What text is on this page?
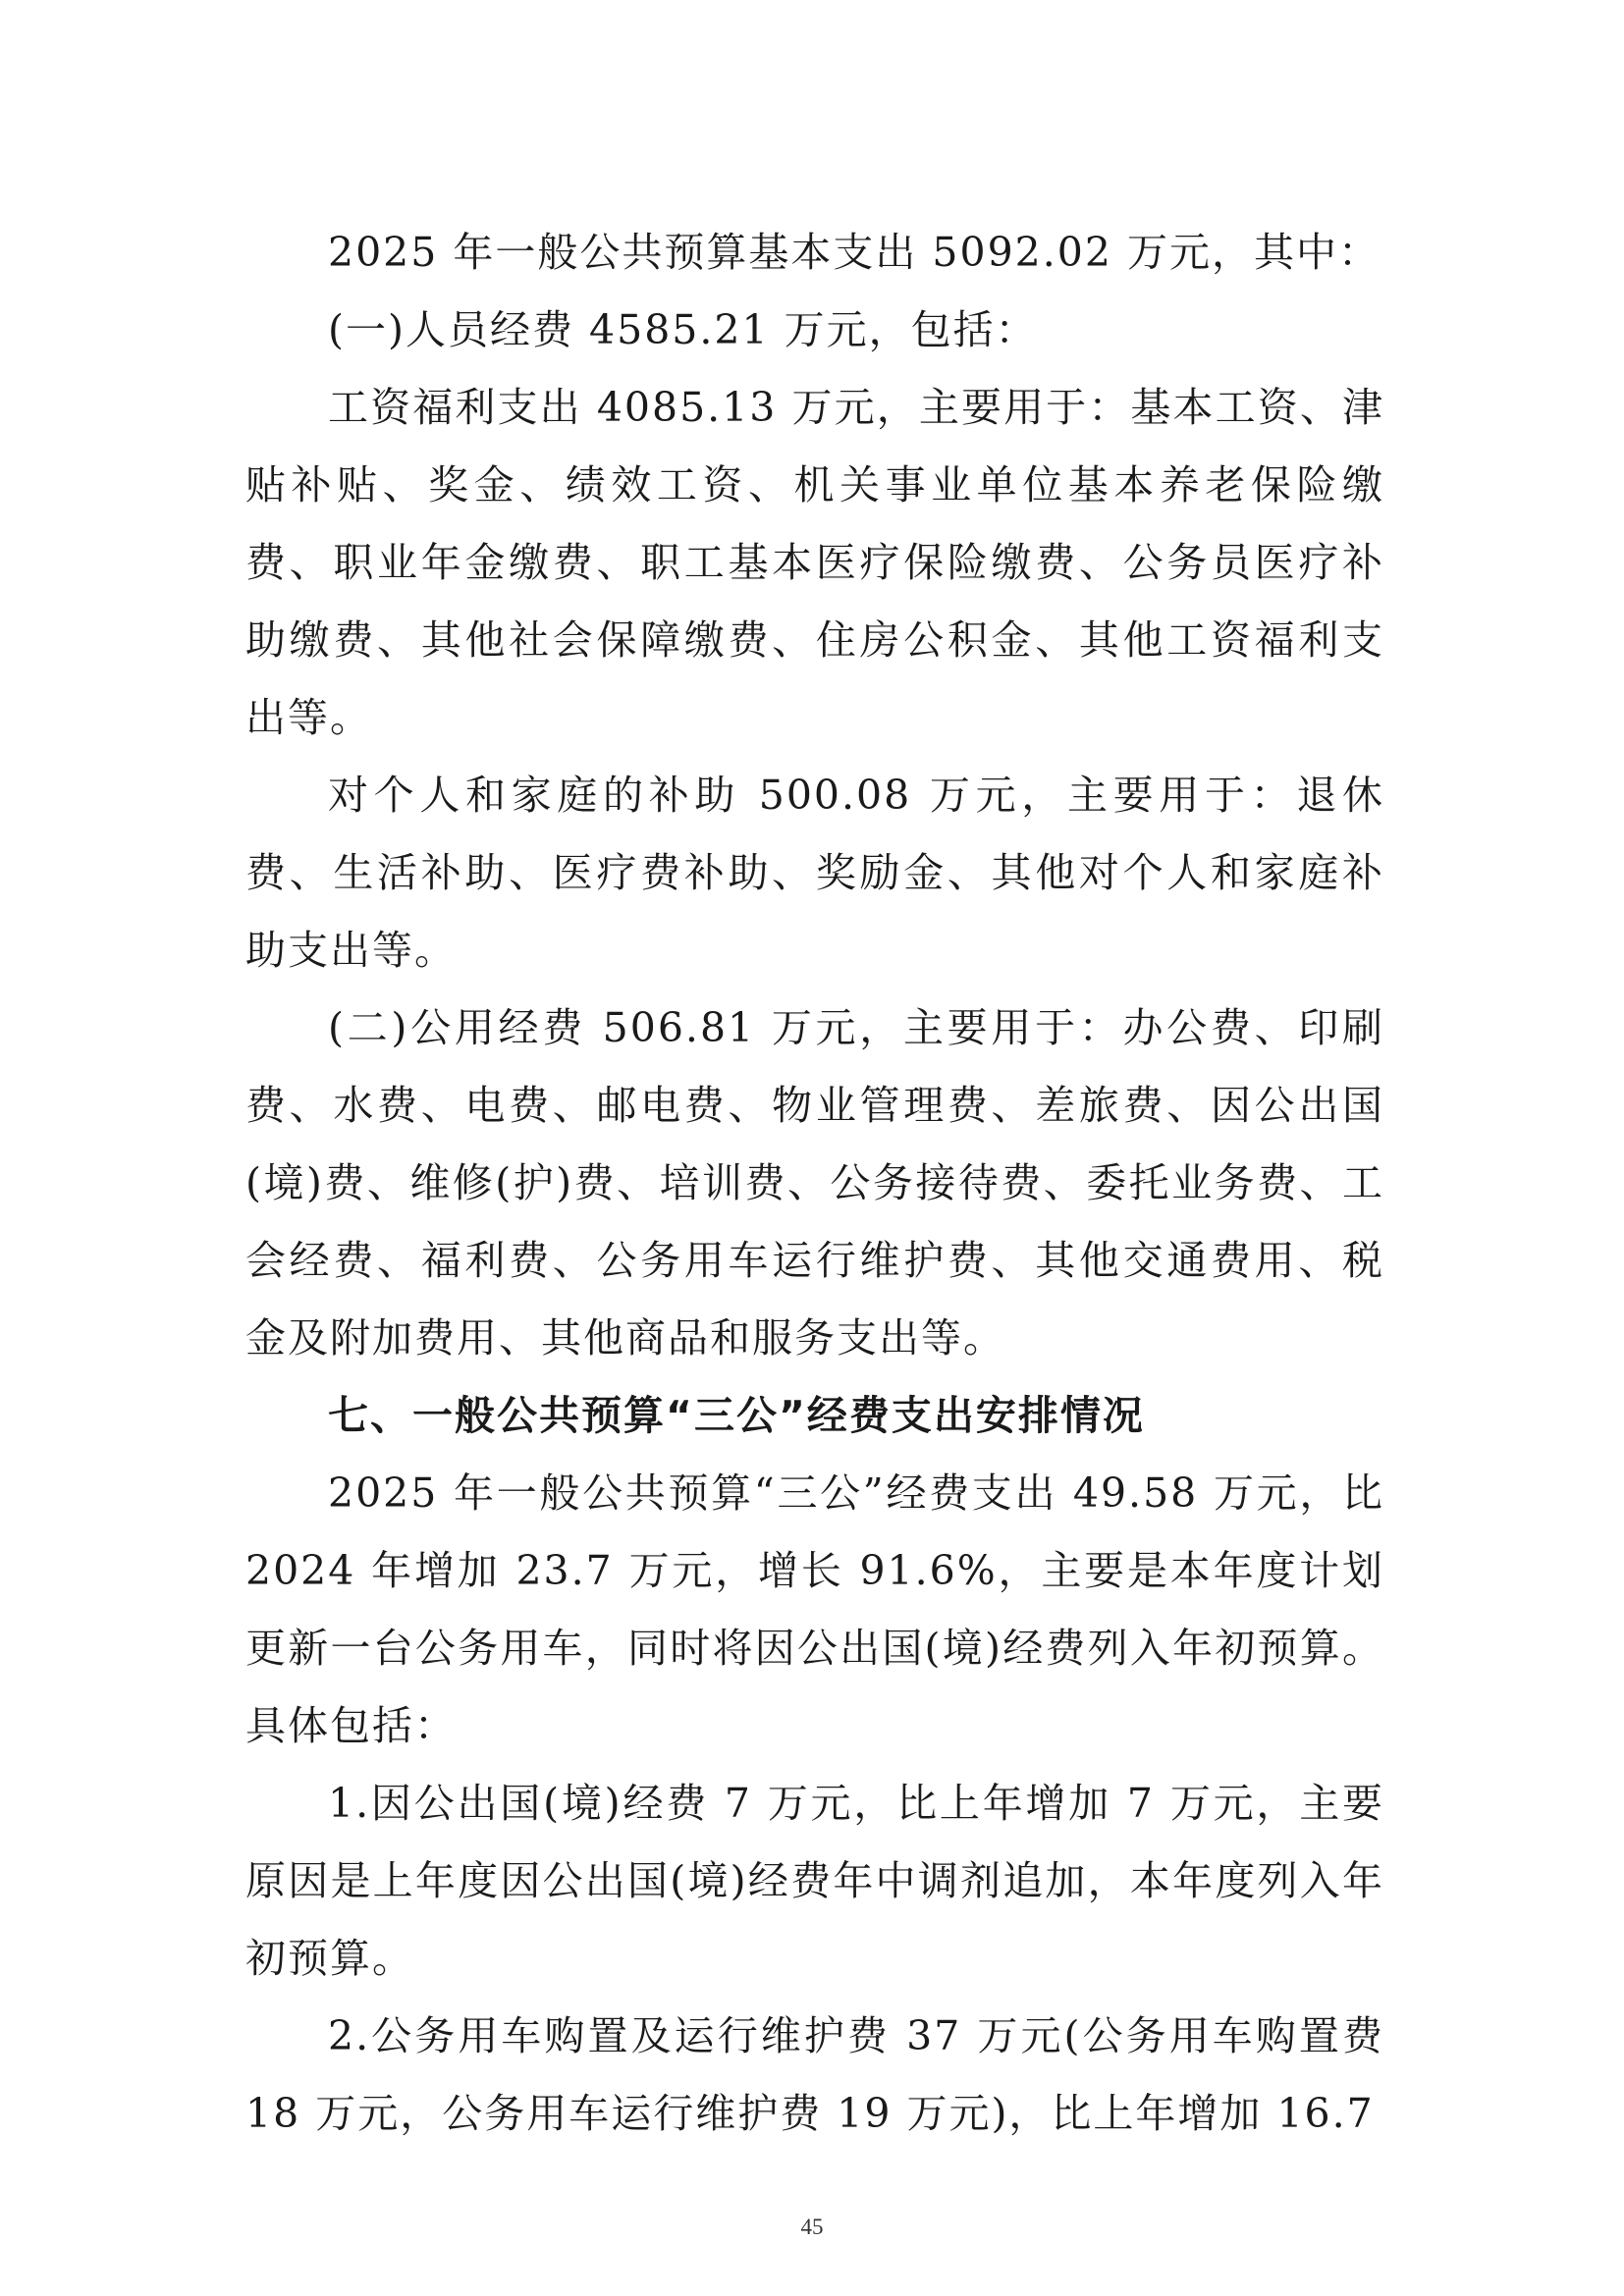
2025 年一般公共预算基本支出 5092.02 万元，其中：

(一)人员经费 4585.21 万元，包括：

工资福利支出 4085.13 万元，主要用于：基本工资、津贴补贴、奖金、绩效工资、机关事业单位基本养老保险缴费、职业年金缴费、职工基本医疗保险缴费、公务员医疗补助缴费、其他社会保障缴费、住房公积金、其他工资福利支出等。

对个人和家庭的补助 500.08 万元，主要用于：退休费、生活补助、医疗费补助、奖励金、其他对个人和家庭补助支出等。

(二)公用经费 506.81 万元，主要用于：办公费、印刷费、水费、电费、邮电费、物业管理费、差旅费、因公出国(境)费、维修(护)费、培训费、公务接待费、委托业务费、工会经费、福利费、公务用车运行维护费、其他交通费用、税金及附加费用、其他商品和服务支出等。

七、一般公共预算“三公”经费支出安排情况

2025 年一般公共预算“三公”经费支出 49.58 万元，比 2024 年增加 23.7 万元，增长 91.6%，主要是本年度计划更新一台公务用车，同时将因公出国(境)经费列入年初预算。具体包括：

1.因公出国(境)经费 7 万元，比上年增加 7 万元，主要原因是上年度因公出国(境)经费年中调剂追加，本年度列入年初预算。

2.公务用车购置及运行维护费 37 万元(公务用车购置费 18 万元，公务用车运行维护费 19 万元)，比上年增加 16.7

45
